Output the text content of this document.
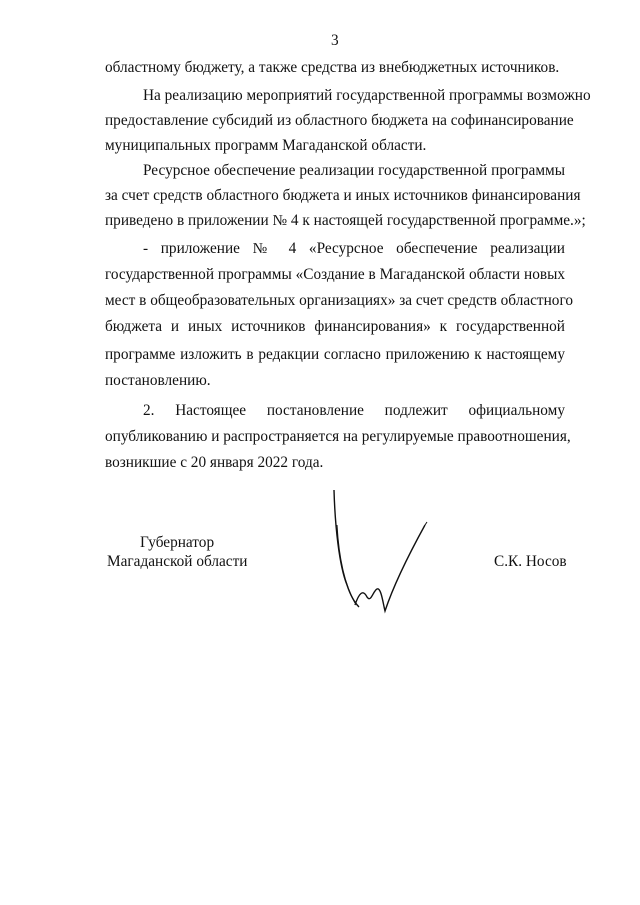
3
областному бюджету, а также средства из внебюджетных источников.
На реализацию мероприятий государственной программы возможно
предоставление субсидий из областного бюджета на софинансирование
муниципальных программ Магаданской области.
Ресурсное обеспечение реализации государственной программы
за счет средств областного бюджета и иных источников финансирования
приведено в приложении № 4 к настоящей государственной программе.»;
- приложение № 4 «Ресурсное обеспечение реализации
государственной программы «Создание в Магаданской области новых
мест в общеобразовательных организациях» за счет средств областного
бюджета и иных источников финансирования» к государственной
программе изложить в редакции согласно приложению к настоящему
постановлению.
2. Настоящее постановление подлежит официальному
опубликованию и распространяется на регулируемые правоотношения,
возникшие с 20 января 2022 года.
Губернатор
Магаданской области	С.К. Носов
